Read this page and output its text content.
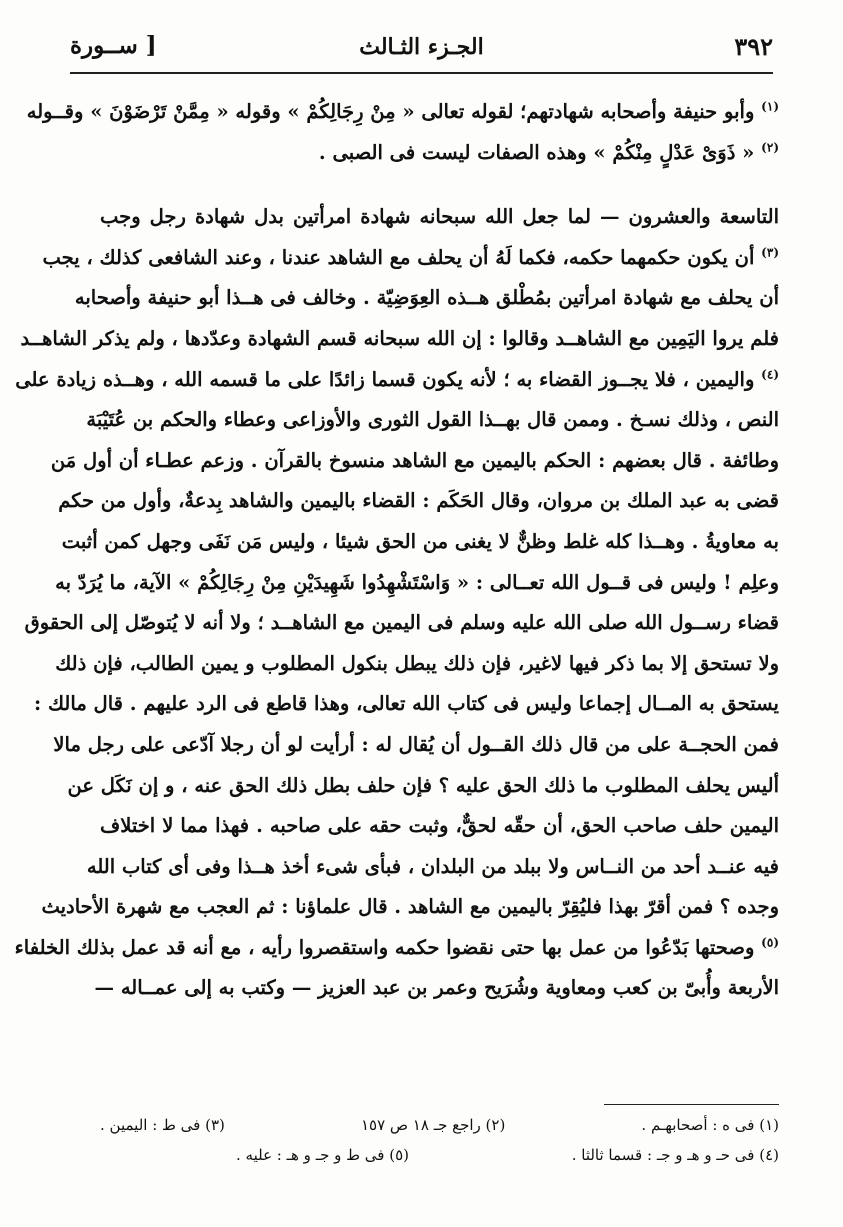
٣٩٢
الجـزء الثـالث
[ ســورة

$^{(١)}$ وأبو حنيفة وأصحابه شهادتهم؛ لقوله تعالى « مِنْ رِجَالِكُمْ » وقوله « مِمَّنْ تَرْضَوْنَ » وقــوله
$^{(٢)}$ « ذَوَىْ عَدْلٍ مِنْكُمْ » وهذه الصفات ليست فى الصبى .

التاسعة والعشرون — لما جعل الله سبحانه شهادة امرأتين بدل شهادة رجل وجب
$^{(٣)}$ أن يكون حكمهما حكمه، فكما لَهُ أن يحلف مع الشاهد عندنا ، وعند الشافعى كذلك ، يجب
أن يحلف مع شهادة امرأتين بمُطْلق هــذه العِوَضِيّة . وخالف فى هــذا أبو حنيفة وأصحابه
فلم يروا اليَمِين مع الشاهــد وقالوا : إن الله سبحانه قسم الشهادة وعدّدها ، ولم يذكر الشاهــد
$^{(٤)}$ واليمين ، فلا يجــوز القضاء به ؛ لأنه يكون قسما زائدًا على ما قسمه الله ، وهــذه زيادة على
النص ، وذلك نسـخ . وممن قال بهــذا القول الثورى والأوزاعى وعطاء والحكم بن عُتَيْبَة
وطائفة . قال بعضهم : الحكم باليمين مع الشاهد منسوخ بالقرآن . وزعم عطـاء أن أول مَن
قضى به عبد الملك بن مروان، وقال الحَكَم : القضاء باليمين والشاهد بِدعةٌ، وأول من حكم
به معاويةُ . وهــذا كله غلط وظنٌّ لا يغنى من الحق شيئا ، وليس مَن نَفَى وجهل كمن أثبت
وعلِم ! وليس فى قــول الله تعــالى : « وَاسْتَشْهِدُوا شَهِيدَيْنِ مِنْ رِجَالِكُمْ » الآية، ما يُرَدّ به
قضاء رســول الله صلى الله عليه وسلم فى اليمين مع الشاهــد ؛ ولا أنه لا يُتوصّل إلى الحقوق
ولا تستحق إلا بما ذكر فيها لاغير، فإن ذلك يبطل بنكول المطلوب و يمين الطالب، فإن ذلك
يستحق به المــال إجماعا وليس فى كتاب الله تعالى، وهذا قاطع فى الرد عليهم . قال مالك :
فمن الحجــة على من قال ذلك القــول أن يُقال له : أرأيت لو أن رجلا آدّعى على رجل مالا
أليس يحلف المطلوب ما ذلك الحق عليه ؟ فإن حلف بطل ذلك الحق عنه ، و إن نَكَل عن
اليمين حلف صاحب الحق، أن حقّه لحقٌّ، وثبت حقه على صاحبه . فهذا مما لا اختلاف
فيه عنــد أحد من النــاس ولا ببلد من البلدان ، فبأى شىء أخذ هــذا وفى أى كتاب الله
وجده ؟ فمن أقرّ بهذا فليُقِرّ باليمين مع الشاهد . قال علماؤنا : ثم العجب مع شهرة الأحاديث
$^{(٥)}$ وصحتها بَدّعُوا من عمل بها حتى نقضوا حكمه واستقصروا رأيه ، مع أنه قد عمل بذلك الخلفاء
الأربعة وأُبىّ بن كعب ومعاوية وشُرَيح وعمر بن عبد العزيز — وكتب به إلى عمــاله —

(١) فى ه : أصحابهـم .
(٢) راجع جـ ١٨ ص ١٥٧
(٣) فى ط : اليمين .
(٤) فى حـ و هـ و جـ : قسما ثالثا .
(٥) فى ط و جـ و هـ : عليه .
